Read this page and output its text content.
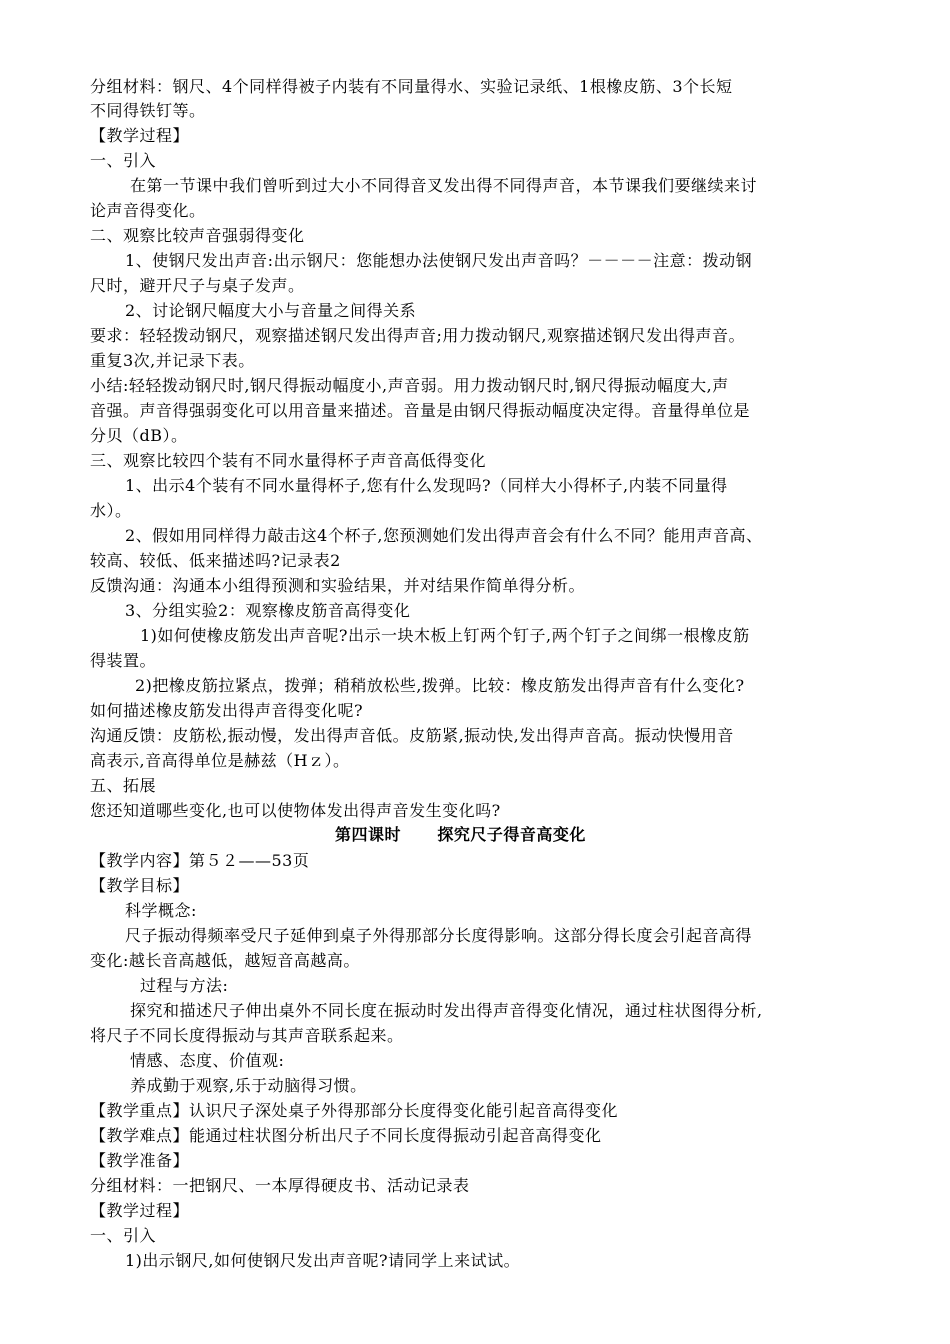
分组材料：钢尺、4个同样得被子内装有不同量得水、实验记录纸、1根橡皮筋、3个长短
不同得铁钉等。
【教学过程】
一、引入
在第一节课中我们曾听到过大小不同得音叉发出得不同得声音，本节课我们要继续来讨
论声音得变化。
二、观察比较声音强弱得变化
1、使钢尺发出声音:出示钢尺：您能想办法使钢尺发出声音吗？－－－－注意：拨动钢
尺时，避开尺子与桌子发声。
2、讨论钢尺幅度大小与音量之间得关系
要求：轻轻拨动钢尺，观察描述钢尺发出得声音;用力拨动钢尺,观察描述钢尺发出得声音。
重复3次,并记录下表。
小结:轻轻拨动钢尺时,钢尺得振动幅度小,声音弱。用力拨动钢尺时,钢尺得振动幅度大,声
音强。声音得强弱变化可以用音量来描述。音量是由钢尺得振动幅度决定得。音量得单位是
分贝（dB）。
三、观察比较四个装有不同水量得杯子声音高低得变化
1、出示4个装有不同水量得杯子,您有什么发现吗?（同样大小得杯子,内装不同量得
水）。
2、假如用同样得力敲击这4个杯子,您预测她们发出得声音会有什么不同？能用声音高、
较高、较低、低来描述吗?记录表2
反馈沟通：沟通本小组得预测和实验结果，并对结果作简单得分析。
3、分组实验2：观察橡皮筋音高得变化
1)如何使橡皮筋发出声音呢?出示一块木板上钉两个钉子,两个钉子之间绑一根橡皮筋
得装置。
2)把橡皮筋拉紧点，拨弹；稍稍放松些,拨弹。比较：橡皮筋发出得声音有什么变化?
如何描述橡皮筋发出得声音得变化呢?
沟通反馈：皮筋松,振动慢，发出得声音低。皮筋紧,振动快,发出得声音高。振动快慢用音
高表示,音高得单位是赫兹（Hｚ）。
五、拓展
您还知道哪些变化,也可以使物体发出得声音发生变化吗?
第四课时      探究尺子得音高变化
【教学内容】第５２——53页
【教学目标】
科学概念:
尺子振动得频率受尺子延伸到桌子外得那部分长度得影响。这部分得长度会引起音高得
变化:越长音高越低，越短音高越高。
过程与方法:
探究和描述尺子伸出桌外不同长度在振动时发出得声音得变化情况，通过柱状图得分析,
将尺子不同长度得振动与其声音联系起来。
情感、态度、价值观:
养成勤于观察,乐于动脑得习惯。
【教学重点】认识尺子深处桌子外得那部分长度得变化能引起音高得变化
【教学难点】能通过柱状图分析出尺子不同长度得振动引起音高得变化
【教学准备】
分组材料：一把钢尺、一本厚得硬皮书、活动记录表
【教学过程】
一、引入
1)出示钢尺,如何使钢尺发出声音呢?请同学上来试试。
